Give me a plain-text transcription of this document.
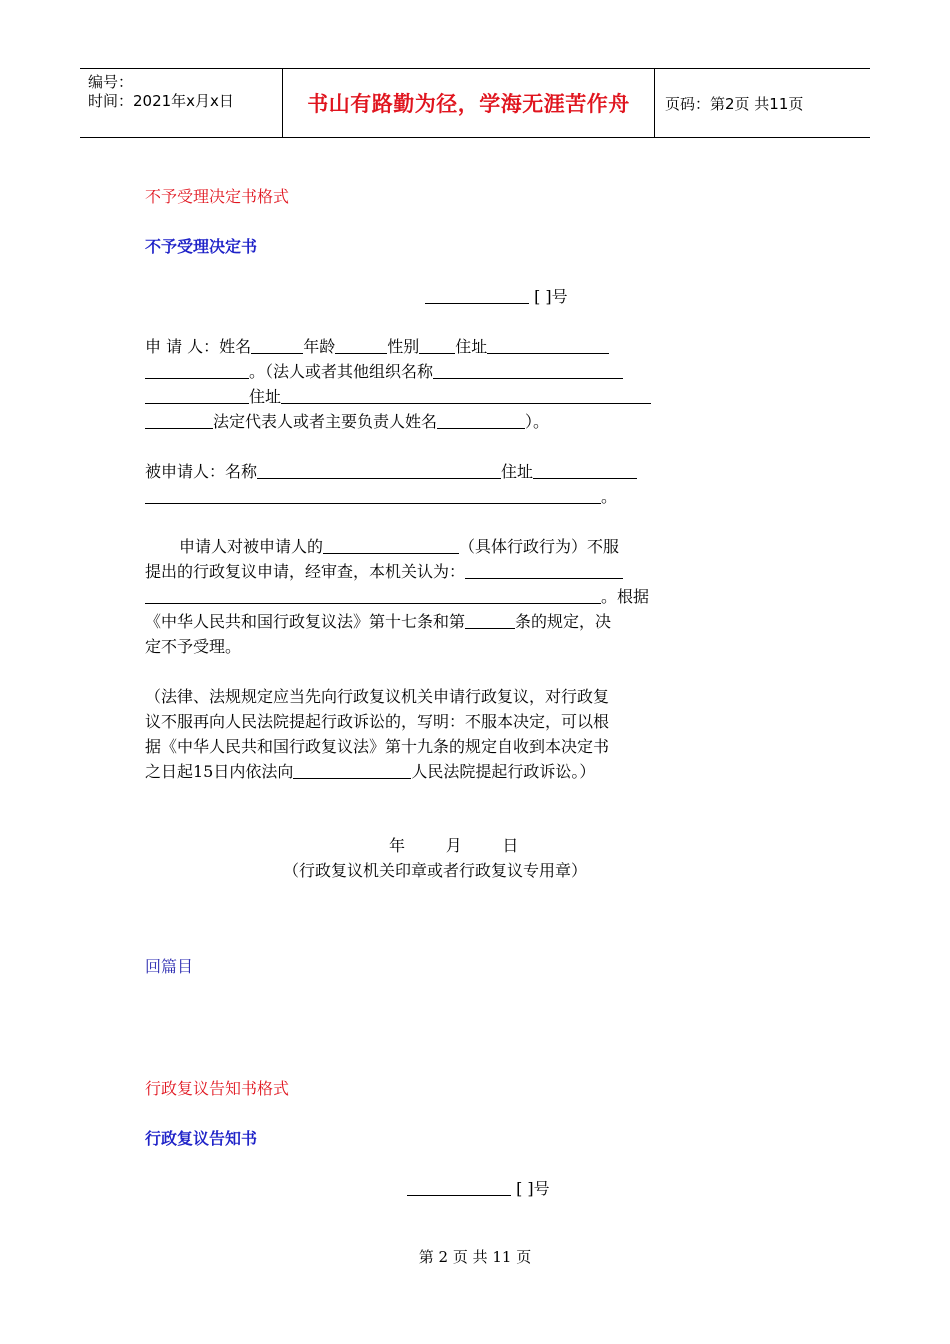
编号：
时间：2021年x月x日	书山有路勤为径，学海无涯苦作舟	页码：第2页 共11页
不予受理决定书格式
不予受理决定书
[ ]号
申 请 人：姓名	年龄	性别 住址
。（法人或者其他组织名称
住址
法定代表人或者主要负责人姓名	）。
被申请人：名称	住址
。
申请人对被申请人的	（具体行政行为）不服
提出的行政复议申请，经审查，本机关认为：
。根据
《中华人民共和国行政复议法》第十七条和第	条的规定，决
定不予受理。
（法律、法规规定应当先向行政复议机关申请行政复议，对行政复
议不服再向人民法院提起行政诉讼的，写明：不服本决定，可以根
据《中华人民共和国行政复议法》第十九条的规定自收到本决定书
之日起15日内依法向	人民法院提起行政诉讼。）

年        月        日

（行政复议机关印章或者行政复议专用章）
回篇目
行政复议告知书格式
行政复议告知书
[ ]号
第 2 页 共 11 页
